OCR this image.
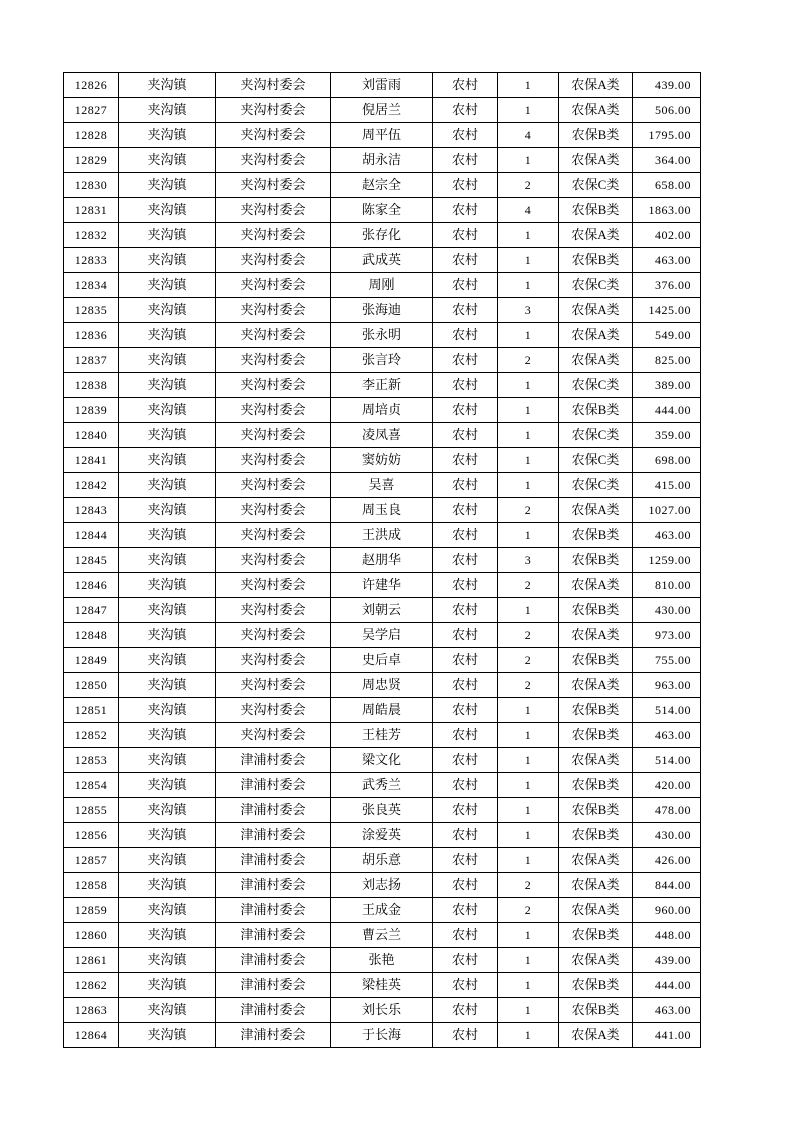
12826	夹沟镇	夹沟村委会	刘雷雨	农村	1	农保A类	439.00
12827	夹沟镇	夹沟村委会	倪居兰	农村	1	农保A类	506.00
12828	夹沟镇	夹沟村委会	周平伍	农村	4	农保B类	1795.00
12829	夹沟镇	夹沟村委会	胡永洁	农村	1	农保A类	364.00
12830	夹沟镇	夹沟村委会	赵宗全	农村	2	农保C类	658.00
12831	夹沟镇	夹沟村委会	陈家全	农村	4	农保B类	1863.00
12832	夹沟镇	夹沟村委会	张存化	农村	1	农保A类	402.00
12833	夹沟镇	夹沟村委会	武成英	农村	1	农保B类	463.00
12834	夹沟镇	夹沟村委会	周刚	农村	1	农保C类	376.00
12835	夹沟镇	夹沟村委会	张海迪	农村	3	农保A类	1425.00
12836	夹沟镇	夹沟村委会	张永明	农村	1	农保A类	549.00
12837	夹沟镇	夹沟村委会	张言玲	农村	2	农保A类	825.00
12838	夹沟镇	夹沟村委会	李正新	农村	1	农保C类	389.00
12839	夹沟镇	夹沟村委会	周培贞	农村	1	农保B类	444.00
12840	夹沟镇	夹沟村委会	凌凤喜	农村	1	农保C类	359.00
12841	夹沟镇	夹沟村委会	窦妨妨	农村	1	农保C类	698.00
12842	夹沟镇	夹沟村委会	吴喜	农村	1	农保C类	415.00
12843	夹沟镇	夹沟村委会	周玉良	农村	2	农保A类	1027.00
12844	夹沟镇	夹沟村委会	王洪成	农村	1	农保B类	463.00
12845	夹沟镇	夹沟村委会	赵朋华	农村	3	农保B类	1259.00
12846	夹沟镇	夹沟村委会	许建华	农村	2	农保A类	810.00
12847	夹沟镇	夹沟村委会	刘朝云	农村	1	农保B类	430.00
12848	夹沟镇	夹沟村委会	吴学启	农村	2	农保A类	973.00
12849	夹沟镇	夹沟村委会	史后卓	农村	2	农保B类	755.00
12850	夹沟镇	夹沟村委会	周忠贤	农村	2	农保A类	963.00
12851	夹沟镇	夹沟村委会	周皓晨	农村	1	农保B类	514.00
12852	夹沟镇	夹沟村委会	王桂芳	农村	1	农保B类	463.00
12853	夹沟镇	津浦村委会	梁文化	农村	1	农保A类	514.00
12854	夹沟镇	津浦村委会	武秀兰	农村	1	农保B类	420.00
12855	夹沟镇	津浦村委会	张良英	农村	1	农保B类	478.00
12856	夹沟镇	津浦村委会	涂爱英	农村	1	农保B类	430.00
12857	夹沟镇	津浦村委会	胡乐意	农村	1	农保A类	426.00
12858	夹沟镇	津浦村委会	刘志扬	农村	2	农保A类	844.00
12859	夹沟镇	津浦村委会	王成金	农村	2	农保A类	960.00
12860	夹沟镇	津浦村委会	曹云兰	农村	1	农保B类	448.00
12861	夹沟镇	津浦村委会	张艳	农村	1	农保A类	439.00
12862	夹沟镇	津浦村委会	梁桂英	农村	1	农保B类	444.00
12863	夹沟镇	津浦村委会	刘长乐	农村	1	农保B类	463.00
12864	夹沟镇	津浦村委会	于长海	农村	1	农保A类	441.00
